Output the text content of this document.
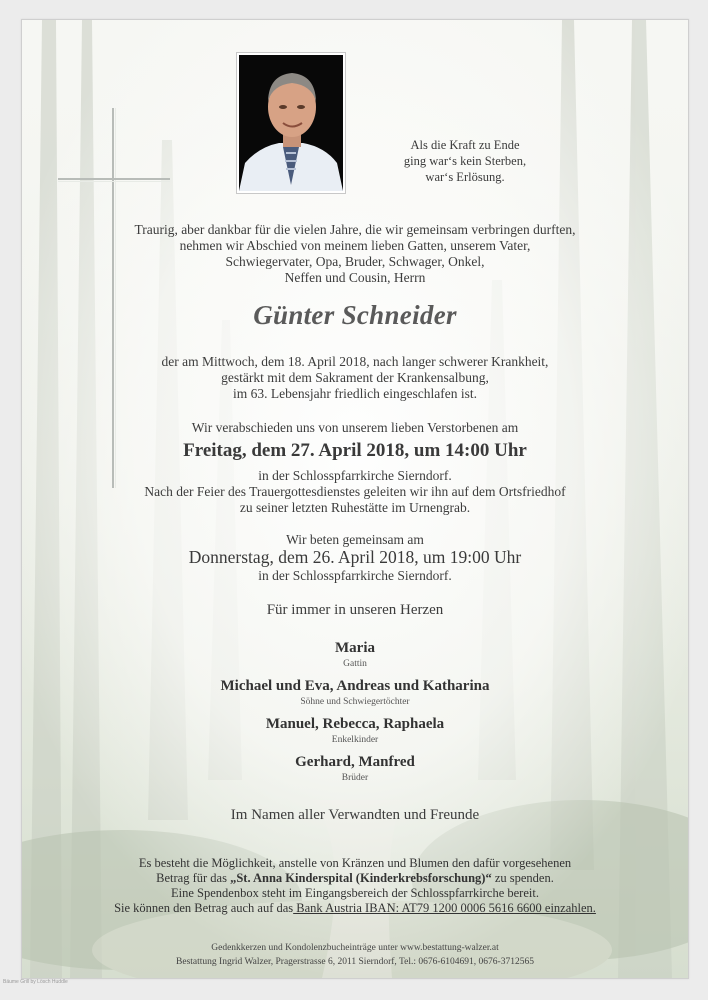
Als die Kraft zu Ende
ging war‘s kein Sterben,
war‘s Erlösung.
Traurig, aber dankbar für die vielen Jahre, die wir gemeinsam verbringen durften,
nehmen wir Abschied von meinem lieben Gatten, unserem Vater,
Schwiegervater, Opa, Bruder, Schwager, Onkel,
Neffen und Cousin, Herrn
Günter Schneider
der am Mittwoch, dem 18. April 2018, nach langer schwerer Krankheit,
gestärkt mit dem Sakrament der Krankensalbung,
im 63. Lebensjahr friedlich eingeschlafen ist.
Wir verabschieden uns von unserem lieben Verstorbenen am
Freitag, dem 27. April 2018, um 14:00 Uhr
in der Schlosspfarrkirche Sierndorf.
Nach der Feier des Trauergottesdienstes geleiten wir ihn auf dem Ortsfriedhof
zu seiner letzten Ruhestätte im Urnengrab.
Wir beten gemeinsam am
Donnerstag, dem 26. April 2018, um 19:00 Uhr
in der Schlosspfarrkirche Sierndorf.
Für immer in unseren Herzen
Maria
Gattin
Michael und Eva, Andreas und Katharina
Söhne und Schwiegertöchter
Manuel, Rebecca, Raphaela
Enkelkinder
Gerhard, Manfred
Brüder
Im Namen aller Verwandten und Freunde
Es besteht die Möglichkeit, anstelle von Kränzen und Blumen den dafür vorgesehenen
Betrag für das „St. Anna Kinderspital (Kinderkrebsforschung)“ zu spenden.
Eine Spendenbox steht im Eingangsbereich der Schlosspfarrkirche bereit.
Sie können den Betrag auch auf das Bank Austria IBAN: AT79 1200 0006 5616 6600 einzahlen.
Gedenkkerzen und Kondolenzbucheinträge unter www.bestattung-walzer.at
Bestattung Ingrid Walzer, Pragerstrasse 6, 2011 Sierndorf, Tel.: 0676-6104691, 0676-3712565
Bäume Grill by Lösch Huddle
